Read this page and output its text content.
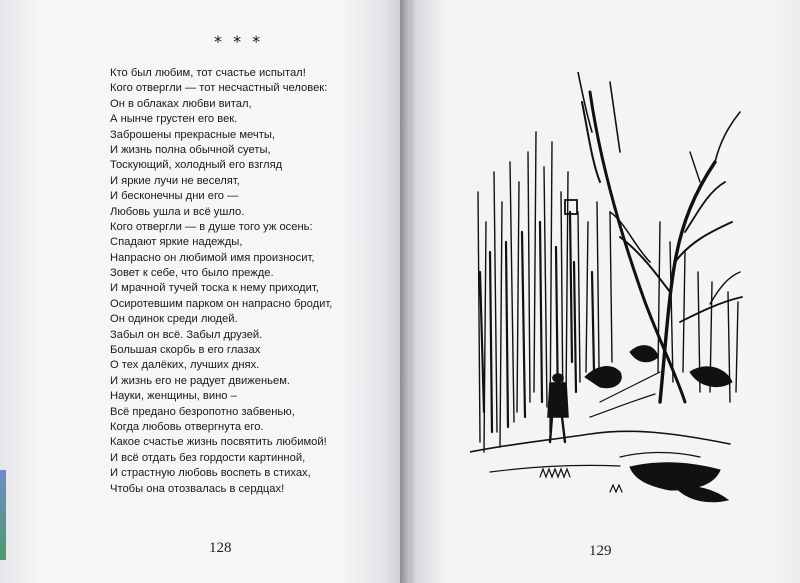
* * *
Кто был любим, тот счастье испытал!
Кого отвергли — тот несчастный человек:
Он в облаках любви витал,
А нынче грустен его век.
Заброшены прекрасные мечты,
И жизнь полна обычной суеты,
Тоскующий, холодный его взгляд
И яркие лучи не веселят,
И бесконечны дни его —
Любовь ушла и всё ушло.
Кого отвергли — в душе того уж осень:
Спадают яркие надежды,
Напрасно он любимой имя произносит,
Зовет к себе, что было прежде.
И мрачной тучей тоска к нему приходит,
Осиротевшим парком он напрасно бродит,
Он одинок среди людей.
Забыл он всё. Забыл друзей.
Большая скорбь в его глазах
О тех далёких, лучших днях.
И жизнь его не радует движеньем.
Науки, женщины, вино –
Всё предано безропотно забвенью,
Когда любовь отвергнута его.
Какое счастье жизнь посвятить любимой!
И всё отдать без гордости картинной,
И страстную любовь воспеть в стихах,
Чтобы она отозвалась в сердцах!
128	129
